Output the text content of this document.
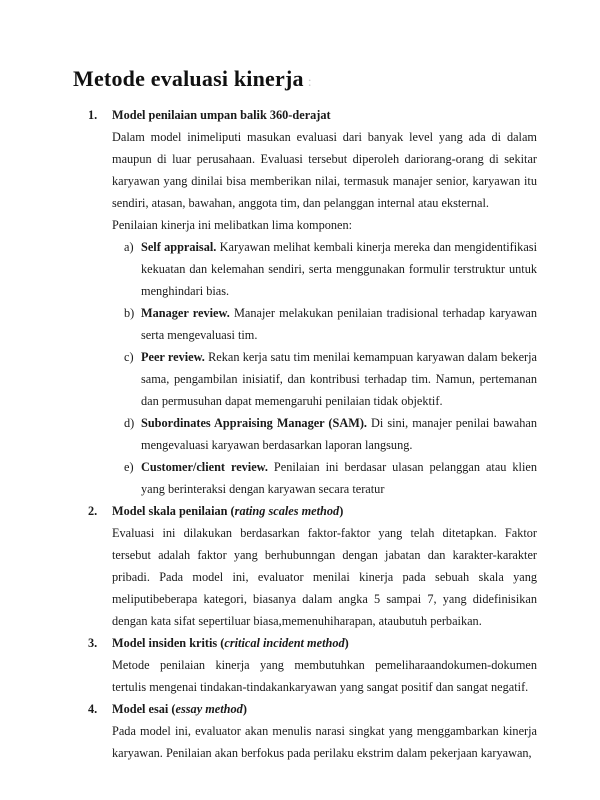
Metode evaluasi kinerja :
1. Model penilaian umpan balik 360-derajat
Dalam model inimeliputi masukan evaluasi dari banyak level yang ada di dalam maupun di luar perusahaan. Evaluasi tersebut diperoleh dariorang-orang di sekitar karyawan yang dinilai bisa memberikan nilai, termasuk manajer senior, karyawan itu sendiri, atasan, bawahan, anggota tim, dan pelanggan internal atau eksternal.
Penilaian kinerja ini melibatkan lima komponen:
a) Self appraisal. Karyawan melihat kembali kinerja mereka dan mengidentifikasi kekuatan dan kelemahan sendiri, serta menggunakan formulir terstruktur untuk menghindari bias.
b) Manager review. Manajer melakukan penilaian tradisional terhadap karyawan serta mengevaluasi tim.
c) Peer review. Rekan kerja satu tim menilai kemampuan karyawan dalam bekerja sama, pengambilan inisiatif, dan kontribusi terhadap tim. Namun, pertemanan dan permusuhan dapat memengaruhi penilaian tidak objektif.
d) Subordinates Appraising Manager (SAM). Di sini, manajer penilai bawahan mengevaluasi karyawan berdasarkan laporan langsung.
e) Customer/client review. Penilaian ini berdasar ulasan pelanggan atau klien yang berinteraksi dengan karyawan secara teratur
2. Model skala penilaian (rating scales method)
Evaluasi ini dilakukan berdasarkan faktor-faktor yang telah ditetapkan. Faktor tersebut adalah faktor yang berhubunngan dengan jabatan dan karakter-karakter pribadi. Pada model ini, evaluator menilai kinerja pada sebuah skala yang meliputibeberapa kategori, biasanya dalam angka 5 sampai 7, yang didefinisikan dengan kata sifat sepertiluar biasa,memenuhiharapan, ataubutuh perbaikan.
3. Model insiden kritis (critical incident method)
Metode penilaian kinerja yang membutuhkan pemeliharaandokumen-dokumen tertulis mengenai tindakan-tindakankaryawan yang sangat positif dan sangat negatif.
4. Model esai (essay method)
Pada model ini, evaluator akan menulis narasi singkat yang menggambarkan kinerja karyawan. Penilaian akan berfokus pada perilaku ekstrim dalam pekerjaan karyawan,
